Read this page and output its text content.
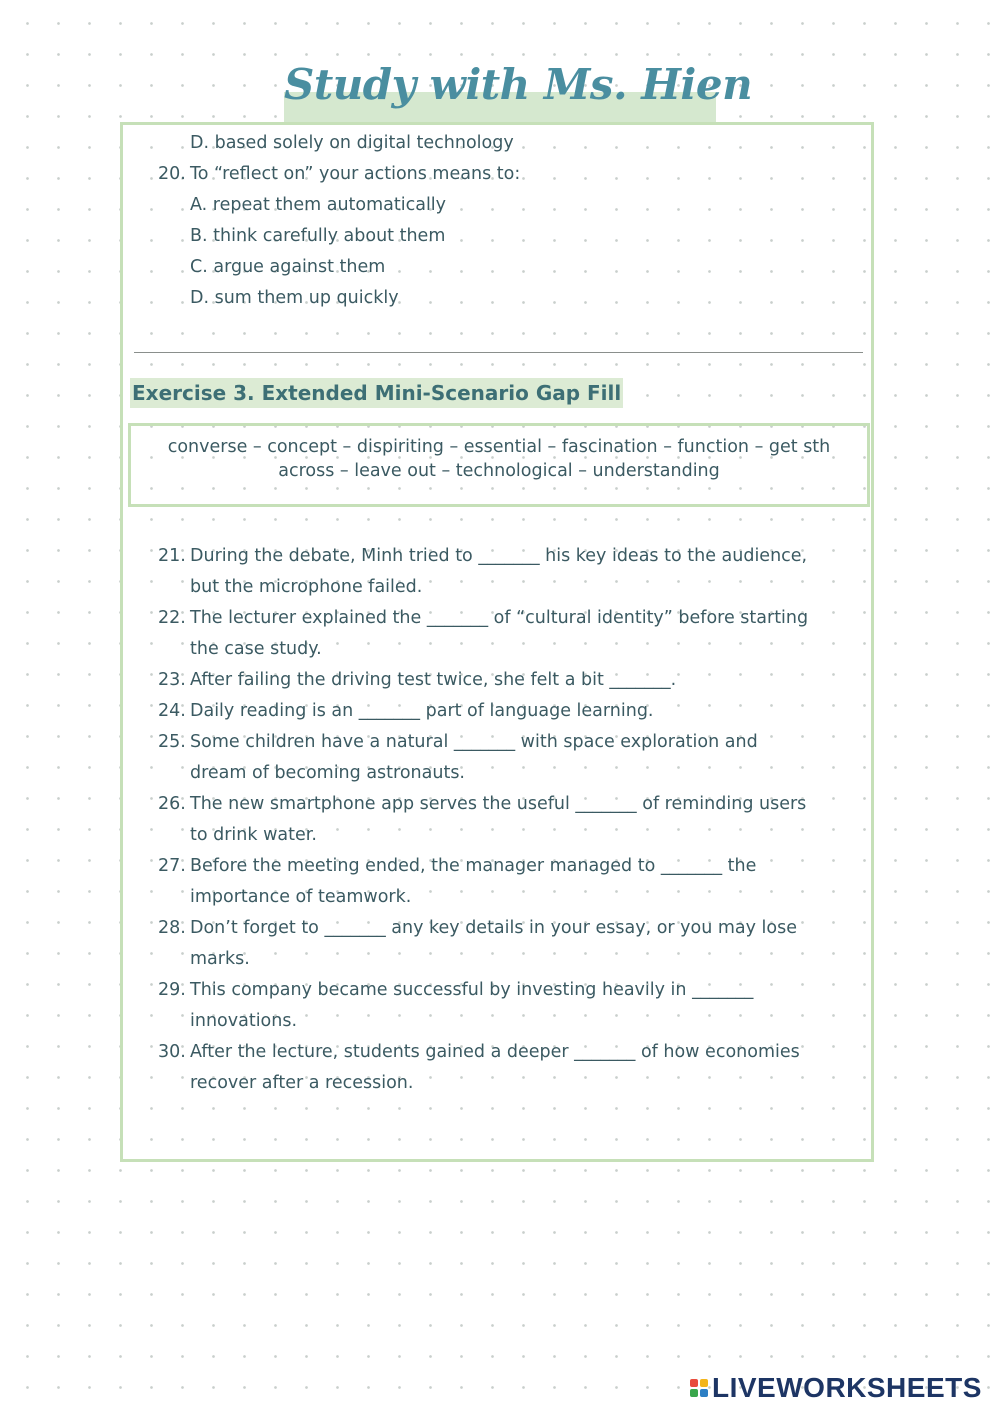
Study with Ms. Hien
D. based solely on digital technology
20. To “reflect on” your actions means to:
A. repeat them automatically
B. think carefully about them
C. argue against them
D. sum them up quickly
Exercise 3. Extended Mini-Scenario Gap Fill
converse – concept – dispiriting – essential – fascination – function – get sth across – leave out – technological – understanding
21. During the debate, Minh tried to _______ his key ideas to the audience,
but the microphone failed.
22. The lecturer explained the _______ of “cultural identity” before starting
the case study.
23. After failing the driving test twice, she felt a bit _______.
24. Daily reading is an _______ part of language learning.
25. Some children have a natural _______ with space exploration and
dream of becoming astronauts.
26. The new smartphone app serves the useful _______ of reminding users
to drink water.
27. Before the meeting ended, the manager managed to _______ the
importance of teamwork.
28. Don’t forget to _______ any key details in your essay, or you may lose
marks.
29. This company became successful by investing heavily in _______
innovations.
30. After the lecture, students gained a deeper _______ of how economies
recover after a recession.
LIVEWORKSHEETS
